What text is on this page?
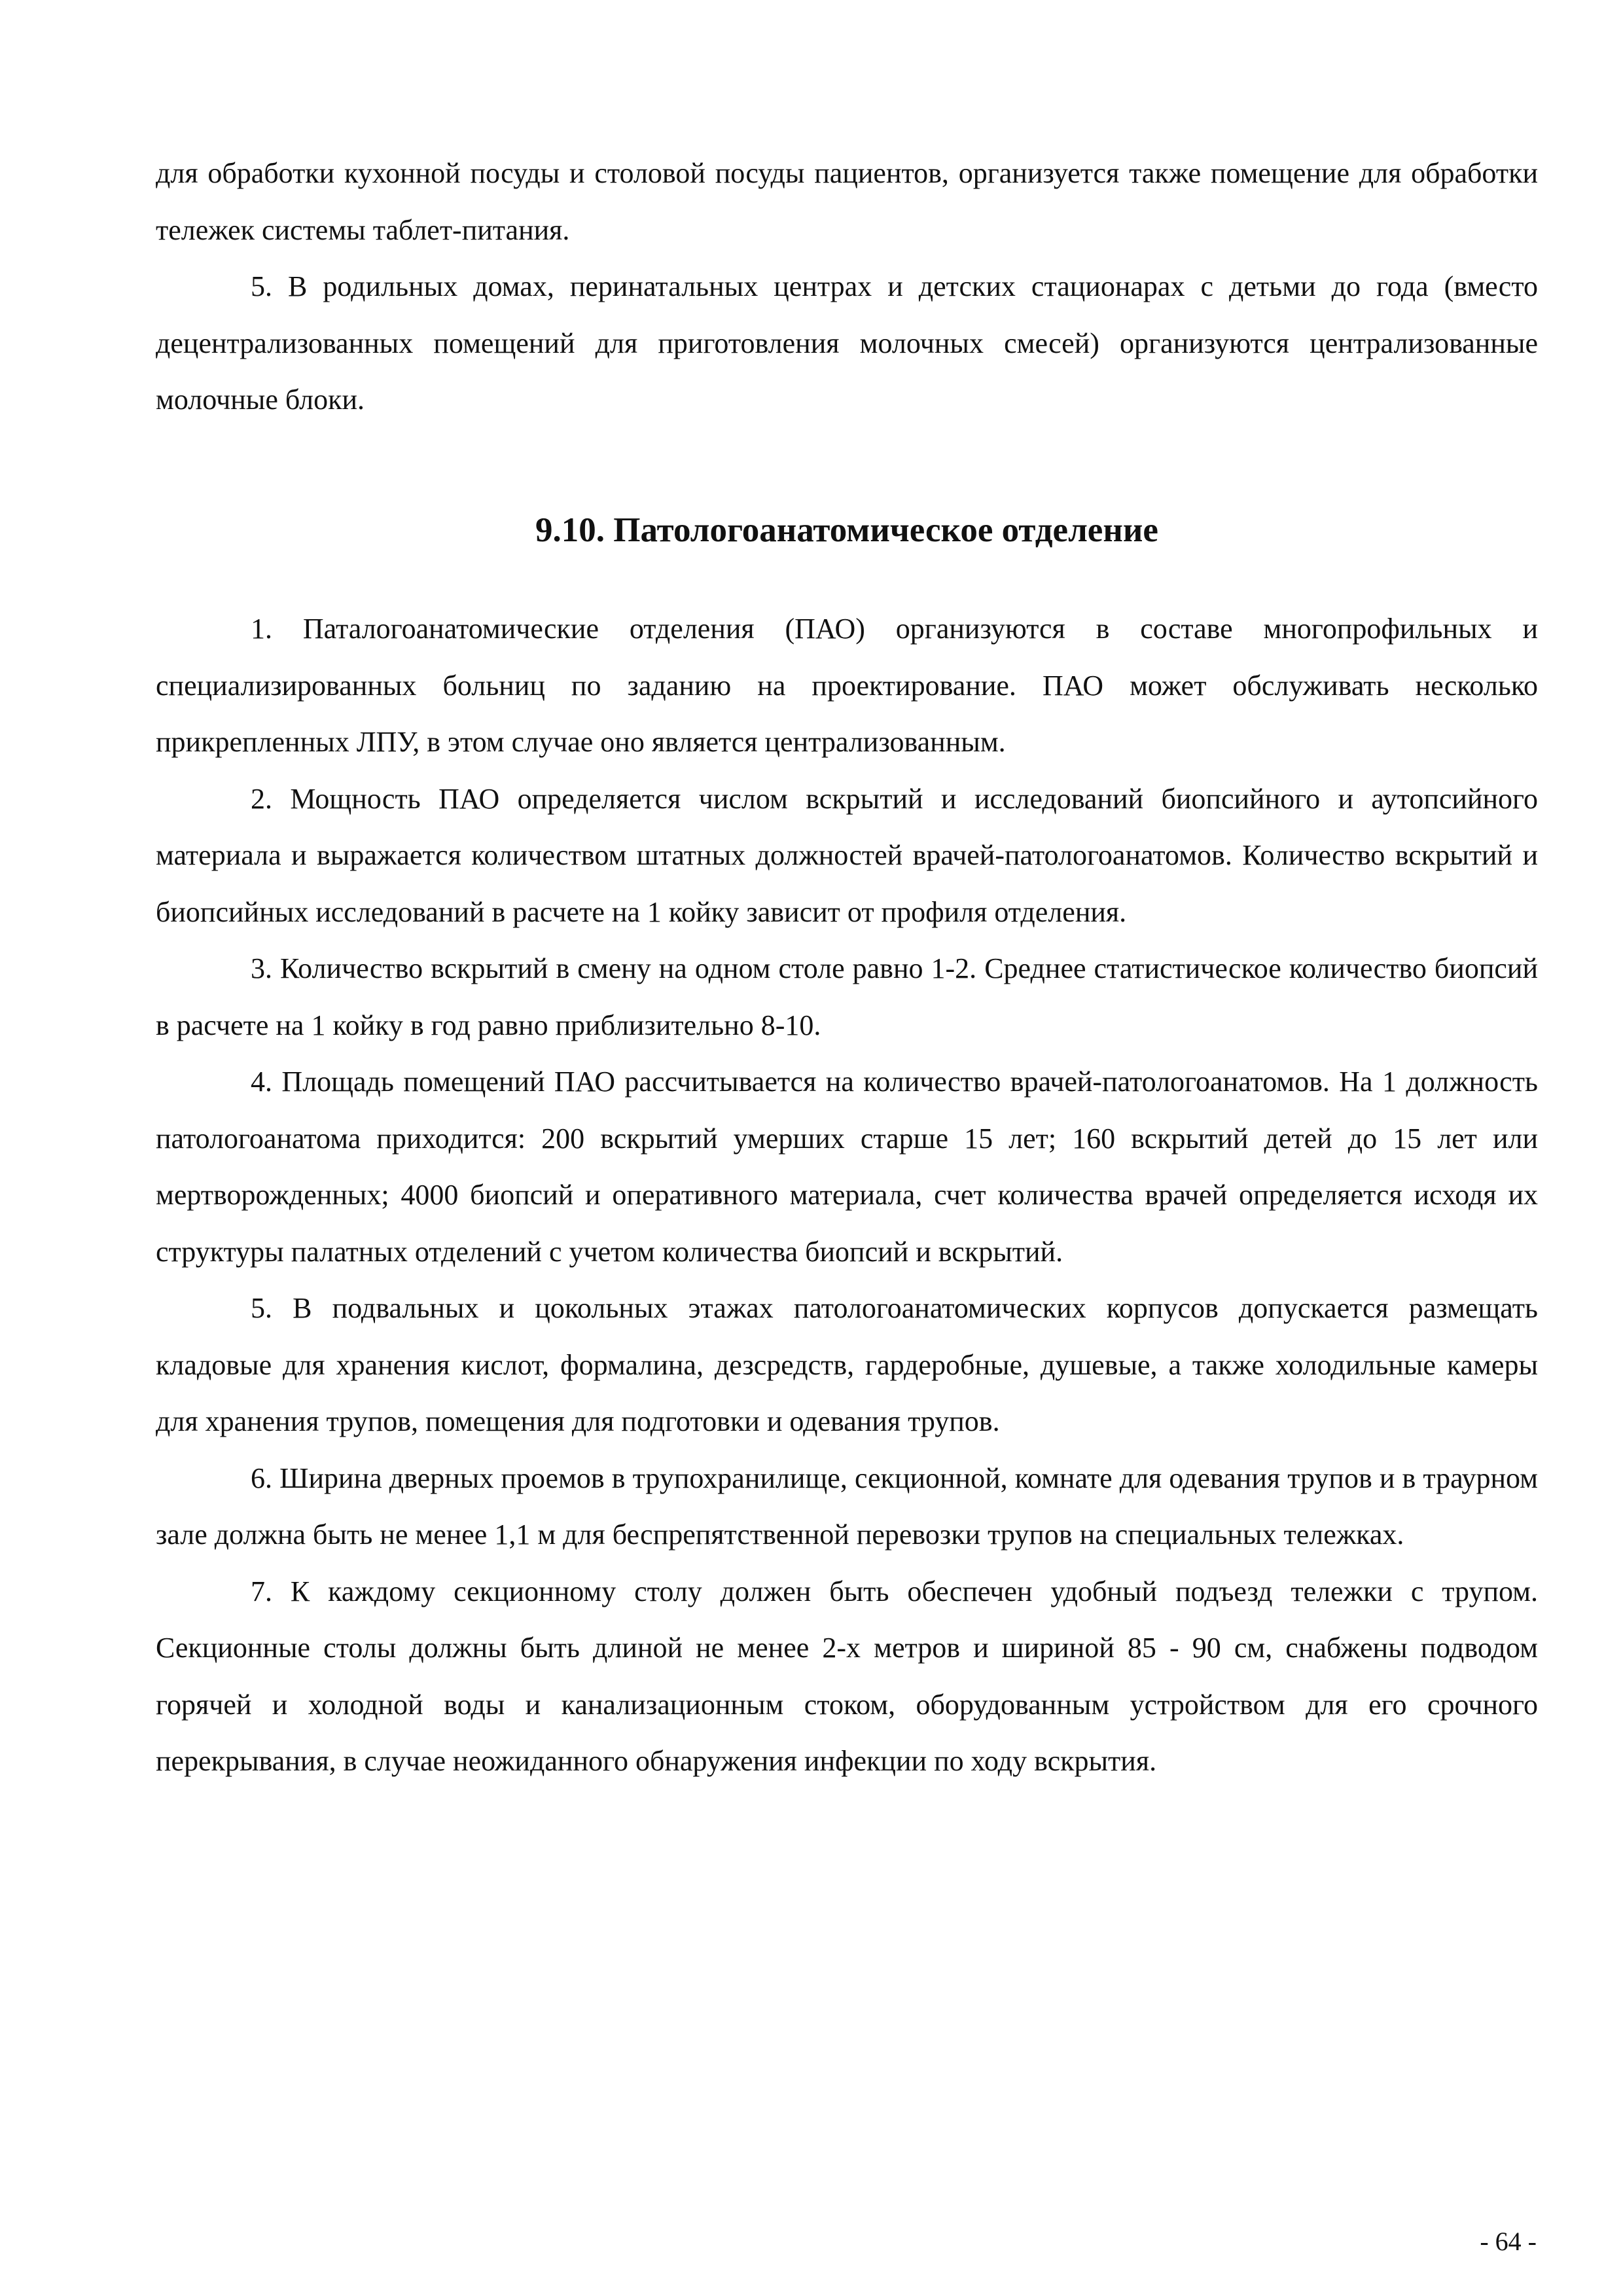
для обработки кухонной посуды и столовой посуды пациентов, организуется также помещение для обработки тележек системы таблет-питания.

5. В родильных домах, перинатальных центрах и детских стационарах с детьми до года (вместо децентрализованных помещений для приготовления молочных смесей) организуются централизованные молочные блоки.

9.10. Патологоанатомическое отделение

1. Паталогоанатомические отделения (ПАО) организуются в составе многопрофильных и специализированных больниц по заданию на проектирование. ПАО может обслуживать несколько прикрепленных ЛПУ, в этом случае оно является централизованным.

2. Мощность ПАО определяется числом вскрытий и исследований биопсийного и аутопсийного материала и выражается количеством штатных должностей врачей-патологоанатомов. Количество вскрытий и биопсийных исследований в расчете на 1 койку зависит от профиля отделения.

3. Количество вскрытий в смену на одном столе равно 1-2. Среднее статистическое количество биопсий в расчете на 1 койку в год равно приблизительно 8-10.

4. Площадь помещений ПАО рассчитывается на количество врачей-патологоанатомов. На 1 должность патологоанатома приходится: 200 вскрытий умерших старше 15 лет; 160 вскрытий детей до 15 лет или мертворожденных; 4000 биопсий и оперативного материала, счет количества врачей определяется исходя их структуры палатных отделений с учетом количества биопсий и вскрытий.

5. В подвальных и цокольных этажах патологоанатомических корпусов допускается размещать кладовые для хранения кислот, формалина, дезсредств, гардеробные, душевые, а также холодильные камеры для хранения трупов, помещения для подготовки и одевания трупов.

6. Ширина дверных проемов в трупохранилище, секционной, комнате для одевания трупов и в траурном зале должна быть не менее 1,1 м для беспрепятственной перевозки трупов на специальных тележках.

7. К каждому секционному столу должен быть обеспечен удобный подъезд тележки с трупом. Секционные столы должны быть длиной не менее 2-х метров и шириной 85 - 90 см, снабжены подводом горячей и холодной воды и канализационным стоком, оборудованным устройством для его срочного перекрывания, в случае неожиданного обнаружения инфекции по ходу вскрытия.

- 64 -
